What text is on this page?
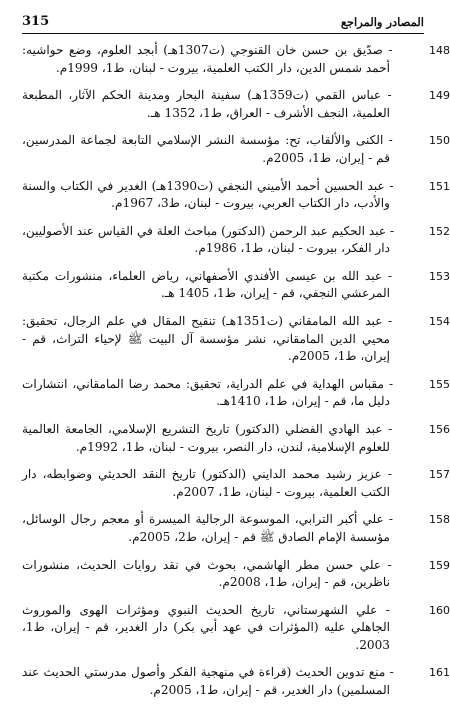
315	المصادر والمراجع
148 - صدّيق بن حسن خان القنوجي (ت1307هـ) أبجد العلوم، وضع حواشيه: أحمد شمس الدين، دار الكتب العلمية، بيروت - لبنان، ط1، 1999م.
149 - عباس القمي (ت1359هـ) سفينة البحار ومدينة الحكم الآثار، المطبعة العلمية، النجف الأشرف - العراق، ط1، 1352 هـ.
150 - الكنى والألقاب، تح: مؤسسة النشر الإسلامي التابعة لجماعة المدرسين، قم - إيران، ط1، 2005م.
151 - عبد الحسين أحمد الأميني النجفي (ت1390هـ) الغدير في الكتاب والسنة والأدب، دار الكتاب العربي، بيروت - لبنان، ط3، 1967م.
152 - عبد الحكيم عبد الرحمن (الدكتور) مباحث العلة في القياس عند الأصوليين، دار الفكر، بيروت - لبنان، ط1، 1986م.
153 - عبد الله بن عيسى الأفندي الأصفهاني، رياض العلماء، منشورات مكتبة المرعشي النجفي، قم - إيران، ط1، 1405 هـ.
154 - عبد الله المامقاني (ت1351هـ) تنقيح المقال في علم الرجال، تحقيق: محيي الدين المامقاني، نشر مؤسسة آل البيت ﷺ لإحياء التراث، قم - إيران، ط1، 2005م.
155 - مقباس الهداية في علم الدراية، تحقيق: محمد رضا المامقاني، انتشارات دليل ما، قم - إيران، ط1، 1410هـ.
156 - عبد الهادي الفضلي (الدكتور) تاريخ التشريع الإسلامي، الجامعة العالمية للعلوم الإسلامية، لندن، دار النصر، بيروت - لبنان، ط1، 1992م.
157 - عزيز رشيد محمد الدايني (الدكتور) تاريخ النقد الحديثي وضوابطه، دار الكتب العلمية، بيروت - لبنان، ط1، 2007م.
158 - علي أكبر الترابي، الموسوعة الرجالية الميسرة أو معجم رجال الوسائل، مؤسسة الإمام الصادق ﷺ قم - إيران، ط2، 2005م.
159 - علي حسن مطر الهاشمي، بحوث في نقد روايات الحديث، منشورات ناظرين، قم - إيران، ط1، 2008م.
160 - علي الشهرستاني، تاريخ الحديث النبوي ومؤثرات الهوى والموروث الجاهلي عليه (المؤثرات في عهد أبي بكر) دار الغدير، قم - إيران، ط1، 2003.
161 - منع تدوين الحديث (قراءة في منهجية الفكر وأصول مدرستي الحديث عند المسلمين) دار الغدير، قم - إيران، ط1، 2005م.
